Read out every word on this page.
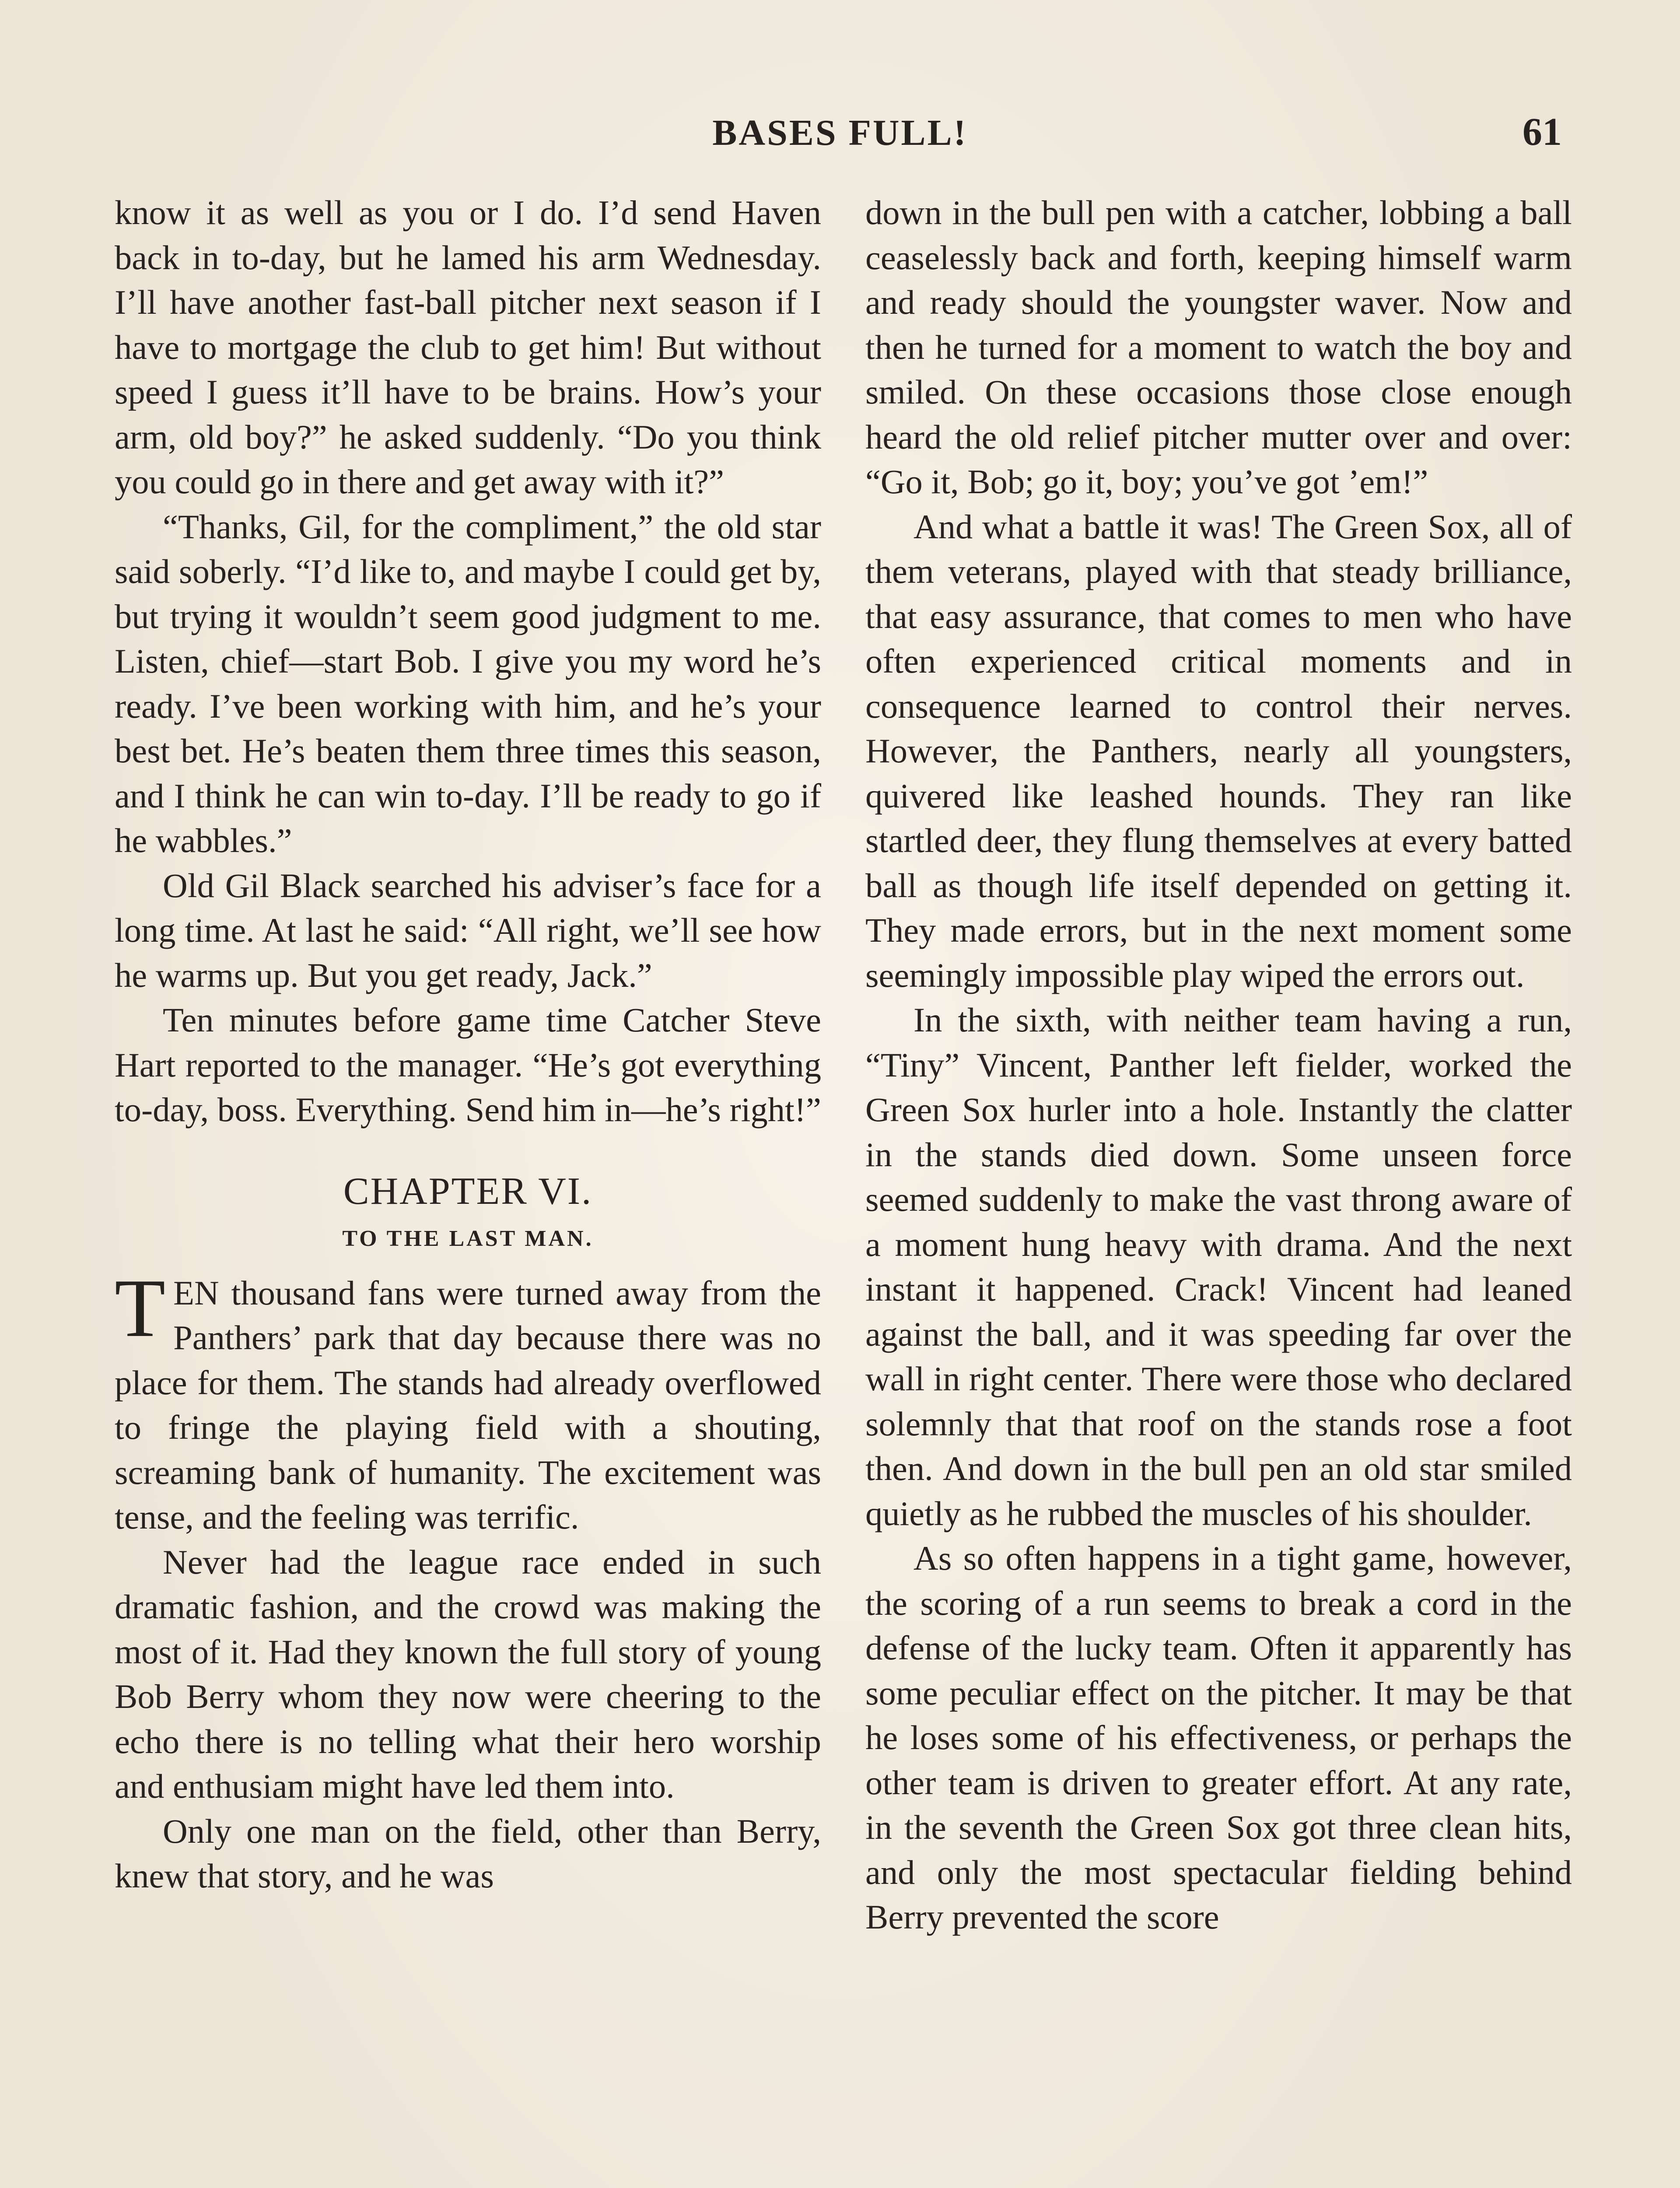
BASES FULL!	61

know it as well as you or I do. I’d send Haven back in to-day, but he lamed his arm Wednesday. I’ll have another fast-ball pitcher next season if I have to mortgage the club to get him! But without speed I guess it’ll have to be brains. How’s your arm, old boy?” he asked suddenly. “Do you think you could go in there and get away with it?”

“Thanks, Gil, for the compliment,” the old star said soberly. “I’d like to, and maybe I could get by, but trying it wouldn’t seem good judgment to me. Listen, chief—start Bob. I give you my word he’s ready. I’ve been working with him, and he’s your best bet. He’s beaten them three times this season, and I think he can win to-day. I’ll be ready to go if he wabbles.”

Old Gil Black searched his adviser’s face for a long time. At last he said: “All right, we’ll see how he warms up. But you get ready, Jack.”

Ten minutes before game time Catcher Steve Hart reported to the manager. “He’s got everything to-day, boss. Everything. Send him in—he’s right!”

CHAPTER VI.
TO THE LAST MAN.

TEN thousand fans were turned away from the Panthers’ park that day because there was no place for them. The stands had already overflowed to fringe the playing field with a shouting, screaming bank of humanity. The excitement was tense, and the feeling was terrific.

Never had the league race ended in such dramatic fashion, and the crowd was making the most of it. Had they known the full story of young Bob Berry whom they now were cheering to the echo there is no telling what their hero worship and enthusiam might have led them into.

Only one man on the field, other than Berry, knew that story, and he was

down in the bull pen with a catcher, lobbing a ball ceaselessly back and forth, keeping himself warm and ready should the youngster waver. Now and then he turned for a moment to watch the boy and smiled. On these occasions those close enough heard the old relief pitcher mutter over and over: “Go it, Bob; go it, boy; you’ve got ’em!”

And what a battle it was! The Green Sox, all of them veterans, played with that steady brilliance, that easy assurance, that comes to men who have often experienced critical moments and in consequence learned to control their nerves. However, the Panthers, nearly all youngsters, quivered like leashed hounds. They ran like startled deer, they flung themselves at every batted ball as though life itself depended on getting it. They made errors, but in the next moment some seemingly impossible play wiped the errors out.

In the sixth, with neither team having a run, “Tiny” Vincent, Panther left fielder, worked the Green Sox hurler into a hole. Instantly the clatter in the stands died down. Some unseen force seemed suddenly to make the vast throng aware of a moment hung heavy with drama. And the next instant it happened. Crack! Vincent had leaned against the ball, and it was speeding far over the wall in right center. There were those who declared solemnly that that roof on the stands rose a foot then. And down in the bull pen an old star smiled quietly as he rubbed the muscles of his shoulder.

As so often happens in a tight game, however, the scoring of a run seems to break a cord in the defense of the lucky team. Often it apparently has some peculiar effect on the pitcher. It may be that he loses some of his effectiveness, or perhaps the other team is driven to greater effort. At any rate, in the seventh the Green Sox got three clean hits, and only the most spectacular fielding behind Berry prevented the score
